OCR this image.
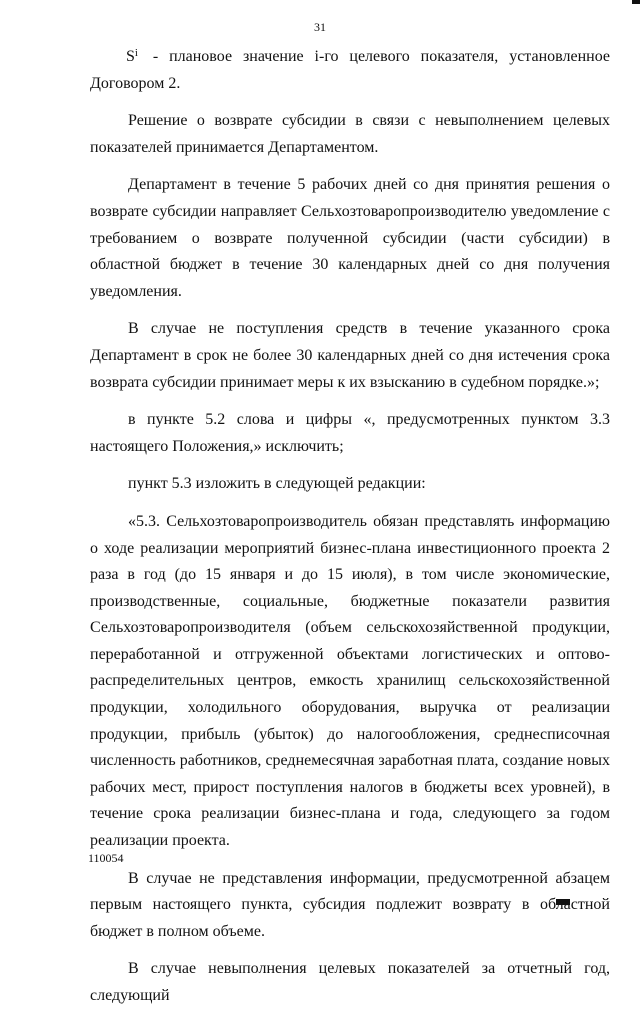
31

$S^i$ - плановое значение i-го целевого показателя, установленное Договором 2.

Решение о возврате субсидии в связи с невыполнением целевых показателей принимается Департаментом.

Департамент в течение 5 рабочих дней со дня принятия решения о возврате субсидии направляет Сельхозтоваропроизводителю уведомление с требованием о возврате полученной субсидии (части субсидии) в областной бюджет в течение 30 календарных дней со дня получения уведомления.

В случае не поступления средств в течение указанного срока Департамент в срок не более 30 календарных дней со дня истечения срока возврата субсидии принимает меры к их взысканию в судебном порядке.»;

в пункте 5.2 слова и цифры «, предусмотренных пунктом 3.3 настоящего Положения,» исключить;

пункт 5.3 изложить в следующей редакции:

«5.3. Сельхозтоваропроизводитель обязан представлять информацию о ходе реализации мероприятий бизнес-плана инвестиционного проекта 2 раза в год (до 15 января и до 15 июля), в том числе экономические, производственные, социальные, бюджетные показатели развития Сельхозтоваропроизводителя (объем сельскохозяйственной продукции, переработанной и отгруженной объектами логистических и оптово-распределительных центров, емкость хранилищ сельскохозяйственной продукции, холодильного оборудования, выручка от реализации продукции, прибыль (убыток) до налогообложения, среднесписочная численность работников, среднемесячная заработная плата, создание новых рабочих мест, прирост поступления налогов в бюджеты всех уровней), в течение срока реализации бизнес-плана и года, следующего за годом реализации проекта.

В случае не представления информации, предусмотренной абзацем первым настоящего пункта, субсидия подлежит возврату в областной бюджет в полном объеме.

В случае невыполнения целевых показателей за отчетный год, следующий

110054
